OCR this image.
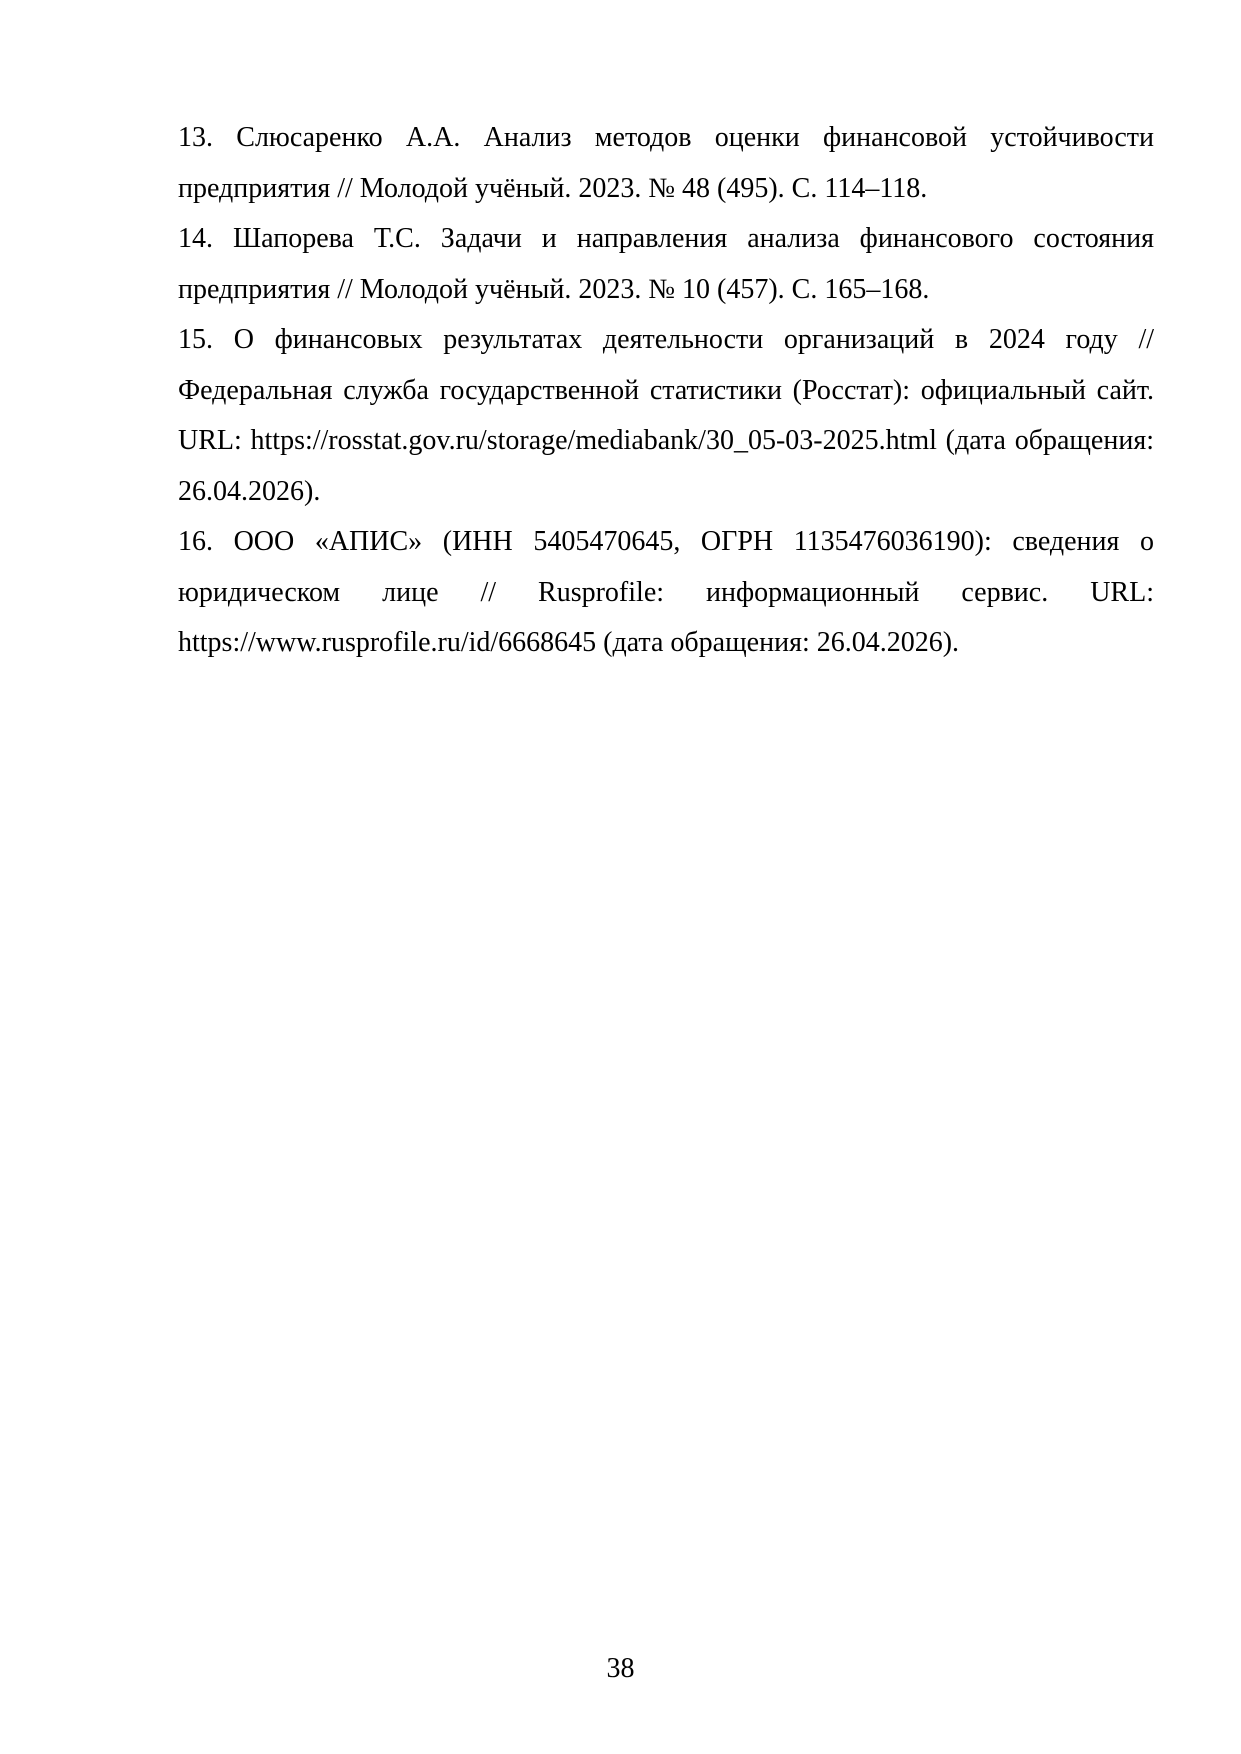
13. Слюсаренко А.А. Анализ методов оценки финансовой устойчивости предприятия // Молодой учёный. 2023. № 48 (495). С. 114–118.
14. Шапорева Т.С. Задачи и направления анализа финансового состояния предприятия // Молодой учёный. 2023. № 10 (457). С. 165–168.
15. О финансовых результатах деятельности организаций в 2024 году // Федеральная служба государственной статистики (Росстат): официальный сайт. URL: https://rosstat.gov.ru/storage/mediabank/30_05-03-2025.html (дата обращения: 26.04.2026).
16. ООО «АПИС» (ИНН 5405470645, ОГРН 1135476036190): сведения о юридическом лице // Rusprofile: информационный сервис. URL: https://www.rusprofile.ru/id/6668645 (дата обращения: 26.04.2026).
38
